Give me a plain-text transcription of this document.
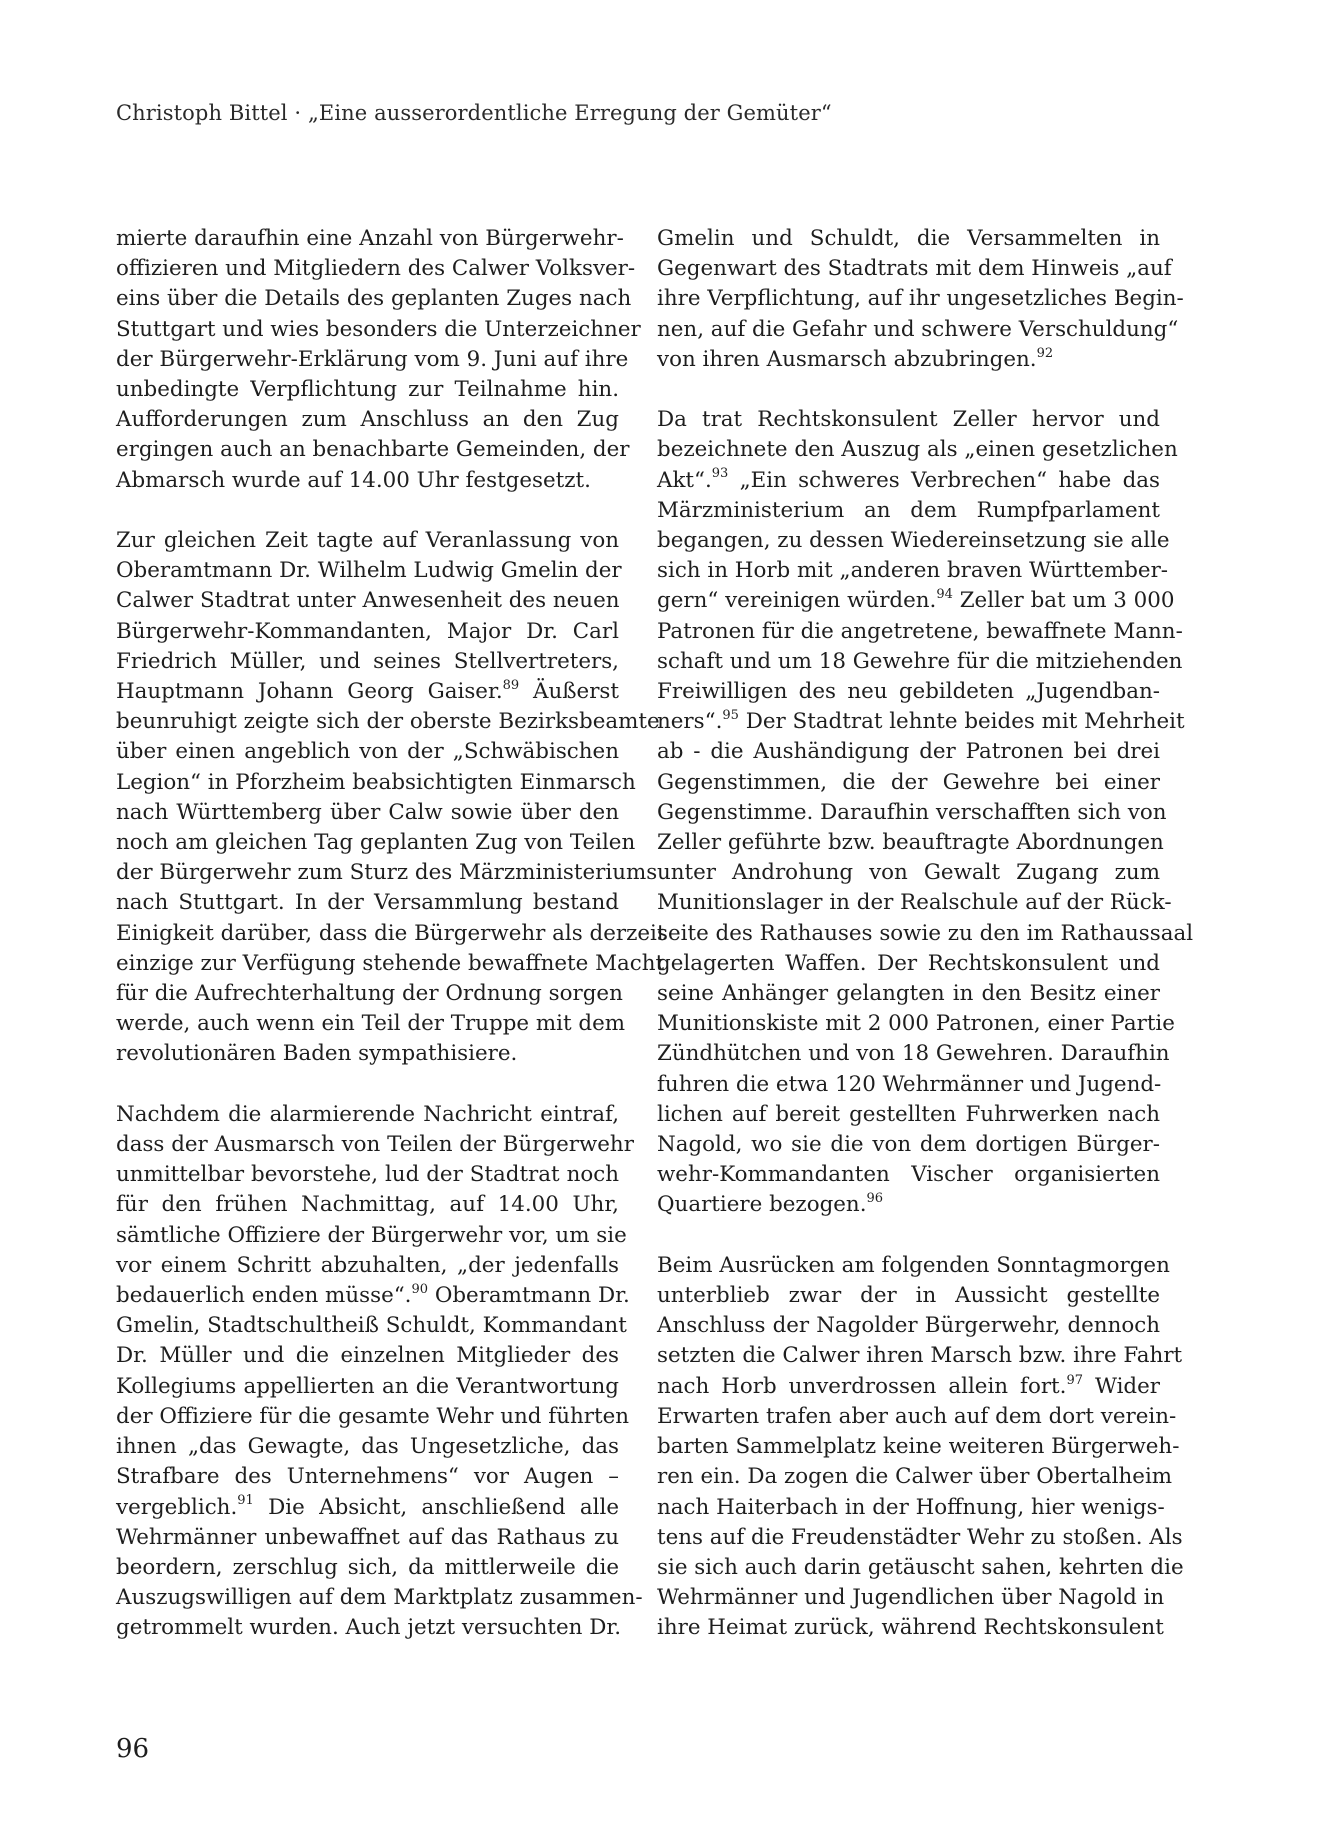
Christoph Bittel · „Eine ausserordentliche Erregung der Gemüter“
mierte daraufhin eine Anzahl von Bürgerwehr-
offizieren und Mitgliedern des Calwer Volksver-
eins über die Details des geplanten Zuges nach
Stuttgart und wies besonders die Unterzeichner
der Bürgerwehr-Erklärung vom 9. Juni auf ihre
unbedingte Verpflichtung zur Teilnahme hin.
Aufforderungen zum Anschluss an den Zug
ergingen auch an benachbarte Gemeinden, der
Abmarsch wurde auf 14.00 Uhr festgesetzt.
Zur gleichen Zeit tagte auf Veranlassung von
Oberamtmann Dr. Wilhelm Ludwig Gmelin der
Calwer Stadtrat unter Anwesenheit des neuen
Bürgerwehr-Kommandanten, Major Dr. Carl
Friedrich Müller, und seines Stellvertreters,
Hauptmann Johann Georg Gaiser.$^{89}$ Äußerst
beunruhigt zeigte sich der oberste Bezirksbeamte
über einen angeblich von der „Schwäbischen
Legion“ in Pforzheim beabsichtigten Einmarsch
nach Württemberg über Calw sowie über den
noch am gleichen Tag geplanten Zug von Teilen
der Bürgerwehr zum Sturz des Märzministeriums
nach Stuttgart. In der Versammlung bestand
Einigkeit darüber, dass die Bürgerwehr als derzeit
einzige zur Verfügung stehende bewaffnete Macht
für die Aufrechterhaltung der Ordnung sorgen
werde, auch wenn ein Teil der Truppe mit dem
revolutionären Baden sympathisiere.
Nachdem die alarmierende Nachricht eintraf,
dass der Ausmarsch von Teilen der Bürgerwehr
unmittelbar bevorstehe, lud der Stadtrat noch
für den frühen Nachmittag, auf 14.00 Uhr,
sämtliche Offiziere der Bürgerwehr vor, um sie
vor einem Schritt abzuhalten, „der jedenfalls
bedauerlich enden müsse“.$^{90}$ Oberamtmann Dr.
Gmelin, Stadtschultheiß Schuldt, Kommandant
Dr. Müller und die einzelnen Mitglieder des
Kollegiums appellierten an die Verantwortung
der Offiziere für die gesamte Wehr und führten
ihnen „das Gewagte, das Ungesetzliche, das
Strafbare des Unternehmens“ vor Augen –
vergeblich.$^{91}$ Die Absicht, anschließend alle
Wehrmänner unbewaffnet auf das Rathaus zu
beordern, zerschlug sich, da mittlerweile die
Auszugswilligen auf dem Marktplatz zusammen-
getrommelt wurden. Auch jetzt versuchten Dr.
Gmelin und Schuldt, die Versammelten in
Gegenwart des Stadtrats mit dem Hinweis „auf
ihre Verpflichtung, auf ihr ungesetzliches Begin-
nen, auf die Gefahr und schwere Verschuldung“
von ihren Ausmarsch abzubringen.$^{92}$
Da trat Rechtskonsulent Zeller hervor und
bezeichnete den Auszug als „einen gesetzlichen
Akt“.$^{93}$ „Ein schweres Verbrechen“ habe das
Märzministerium an dem Rumpfparlament
begangen, zu dessen Wiedereinsetzung sie alle
sich in Horb mit „anderen braven Württember-
gern“ vereinigen würden.$^{94}$ Zeller bat um 3 000
Patronen für die angetretene, bewaffnete Mann-
schaft und um 18 Gewehre für die mitziehenden
Freiwilligen des neu gebildeten „Jugendban-
ners“.$^{95}$ Der Stadtrat lehnte beides mit Mehrheit
ab - die Aushändigung der Patronen bei drei
Gegenstimmen, die der Gewehre bei einer
Gegenstimme. Daraufhin verschafften sich von
Zeller geführte bzw. beauftragte Abordnungen
unter Androhung von Gewalt Zugang zum
Munitionslager in der Realschule auf der Rück-
seite des Rathauses sowie zu den im Rathaussaal
gelagerten Waffen. Der Rechtskonsulent und
seine Anhänger gelangten in den Besitz einer
Munitionskiste mit 2 000 Patronen, einer Partie
Zündhütchen und von 18 Gewehren. Daraufhin
fuhren die etwa 120 Wehrmänner und Jugend-
lichen auf bereit gestellten Fuhrwerken nach
Nagold, wo sie die von dem dortigen Bürger-
wehr-Kommandanten Vischer organisierten
Quartiere bezogen.$^{96}$
Beim Ausrücken am folgenden Sonntagmorgen
unterblieb zwar der in Aussicht gestellte
Anschluss der Nagolder Bürgerwehr, dennoch
setzten die Calwer ihren Marsch bzw. ihre Fahrt
nach Horb unverdrossen allein fort.$^{97}$ Wider
Erwarten trafen aber auch auf dem dort verein-
barten Sammelplatz keine weiteren Bürgerweh-
ren ein. Da zogen die Calwer über Obertalheim
nach Haiterbach in der Hoffnung, hier wenigs-
tens auf die Freudenstädter Wehr zu stoßen. Als
sie sich auch darin getäuscht sahen, kehrten die
Wehrmänner und Jugendlichen über Nagold in
ihre Heimat zurück, während Rechtskonsulent
96
